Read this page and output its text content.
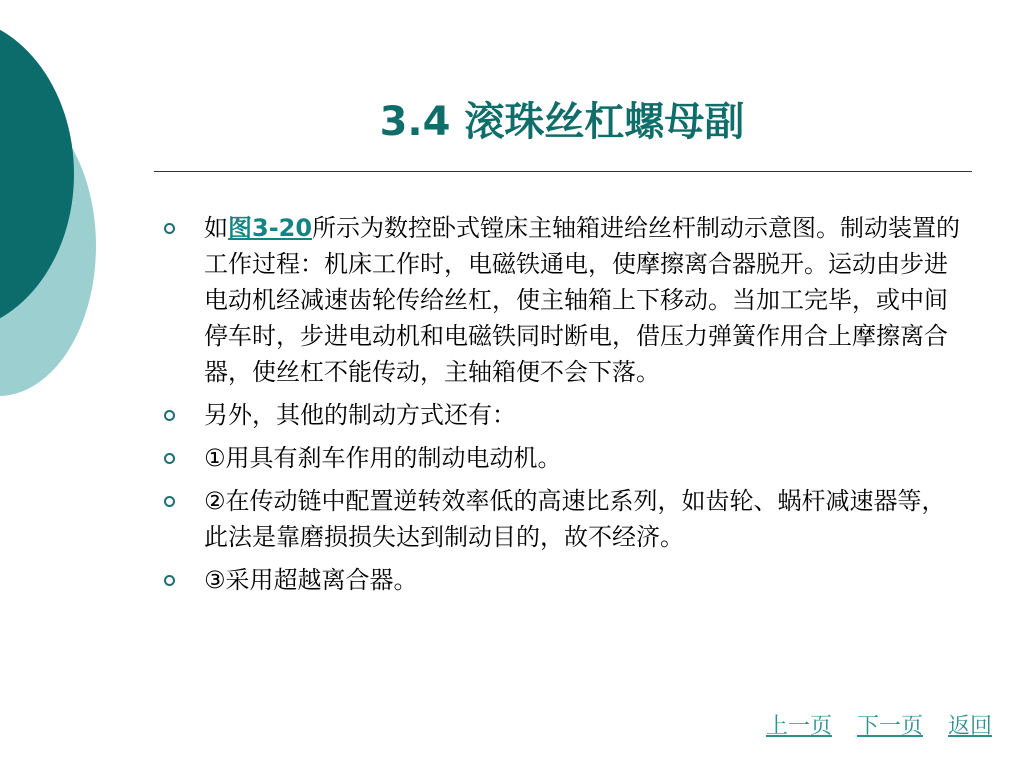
3.4 滚珠丝杠螺母副
如图3-20所示为数控卧式镗床主轴箱进给丝杆制动示意图。制动装置的工作过程：机床工作时，电磁铁通电，使摩擦离合器脱开。运动由步进电动机经减速齿轮传给丝杠，使主轴箱上下移动。当加工完毕，或中间停车时，步进电动机和电磁铁同时断电，借压力弹簧作用合上摩擦离合器，使丝杠不能传动，主轴箱便不会下落。
另外，其他的制动方式还有：
①用具有刹车作用的制动电动机。
②在传动链中配置逆转效率低的高速比系列，如齿轮、蜗杆减速器等，此法是靠磨损损失达到制动目的，故不经济。
③采用超越离合器。
上一页 下一页 返回
